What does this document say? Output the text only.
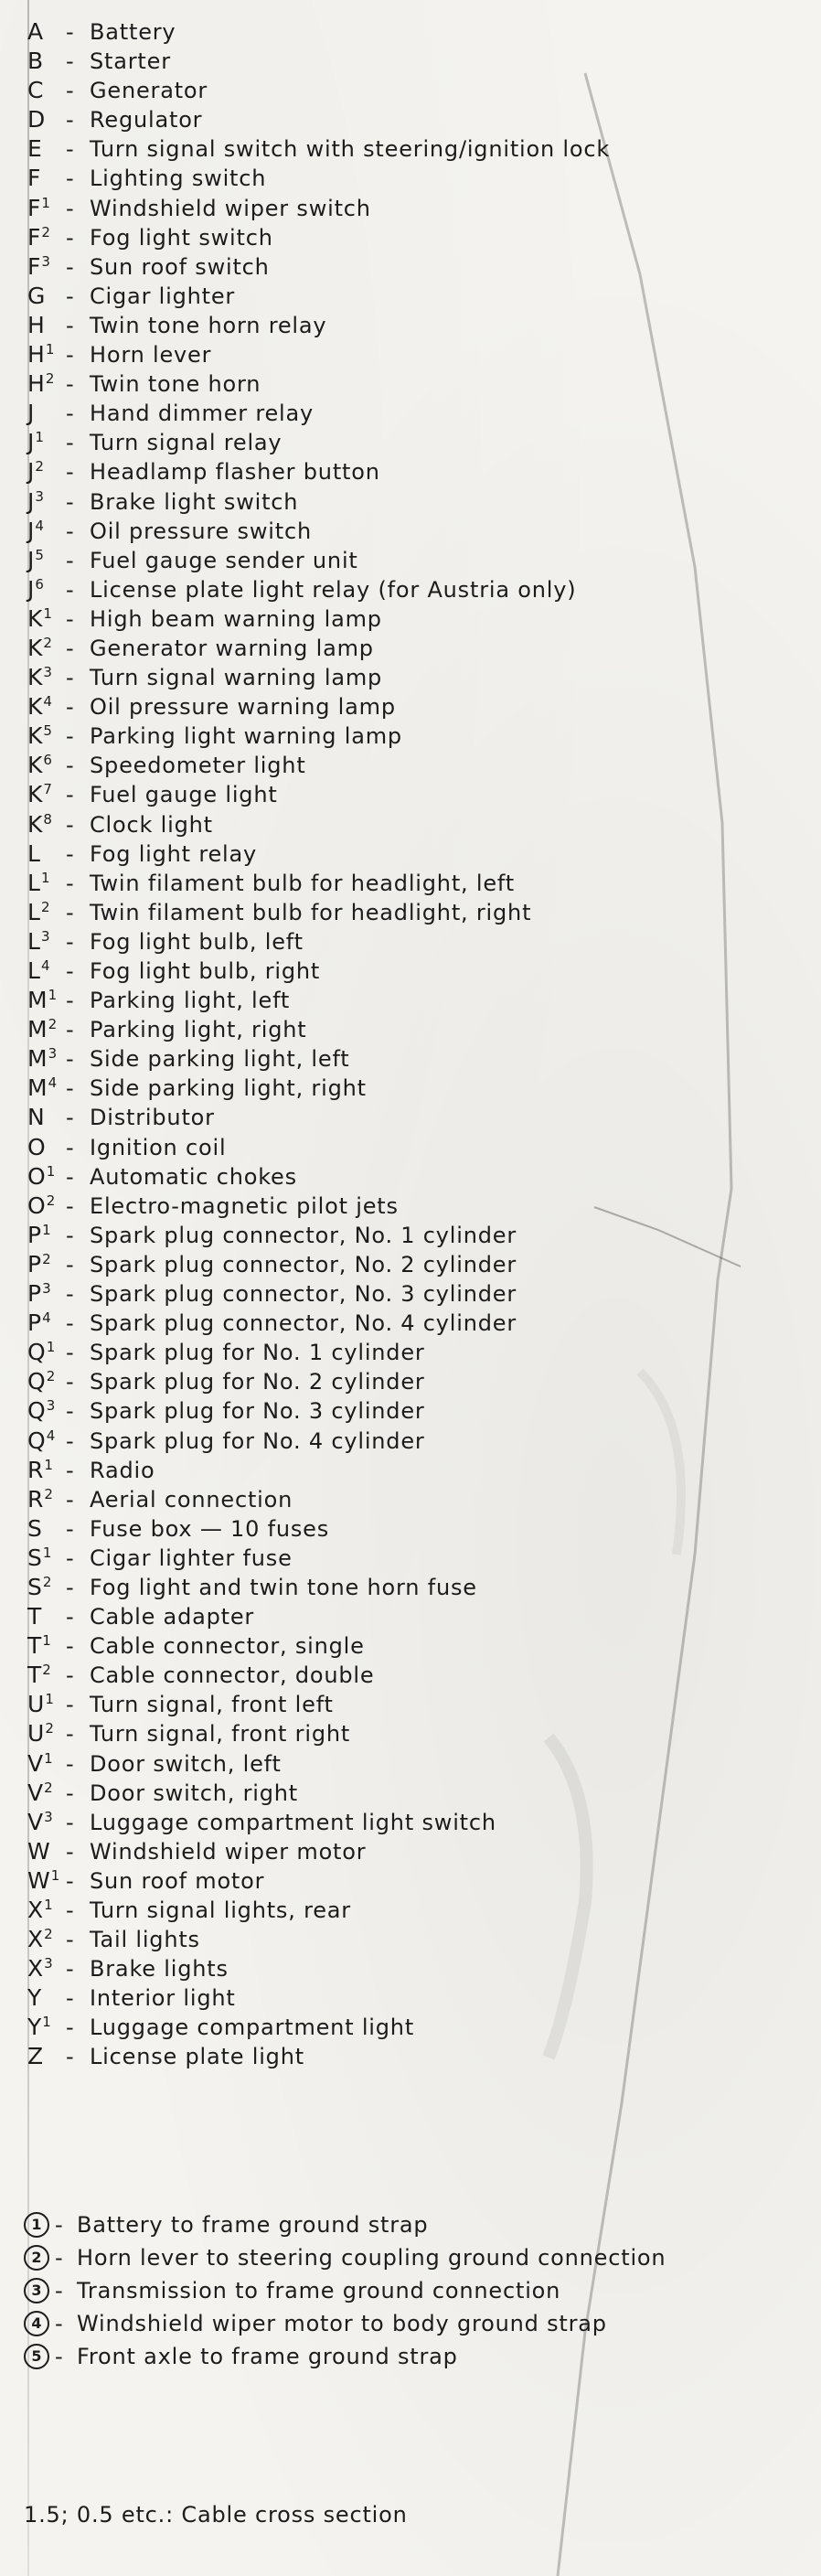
A	- Battery
B	- Starter
C	- Generator
D - Regulator
E	- Turn signal switch with steering/ignition lock
F	- Lighting switch
$F^1$ - Windshield wiper switch
$F^2$ - Fog light switch
$F^3$ - Sun roof switch
G - Cigar lighter
H - Twin tone horn relay
$H^1$ - Horn lever
$H^2$ - Twin tone horn
J	- Hand dimmer relay
$J^1$	- Turn signal relay
$J^2$	- Headlamp flasher button
$J^3$	- Brake light switch
$J^4$	- Oil pressure switch
$J^5$	- Fuel gauge sender unit
$J^6$	- License plate light relay (for Austria only)
$K^1$ - High beam warning lamp
$K^2$ - Generator warning lamp
$K^3$ - Turn signal warning lamp
$K^4$ - Oil pressure warning lamp
$K^5$ - Parking light warning lamp
$K^6$ - Speedometer light
$K^7$ - Fuel gauge light
$K^8$ - Clock light
L	- Fog light relay
$L^1$ - Twin filament bulb for headlight, left
$L^2$ - Twin filament bulb for headlight, right
$L^3$ - Fog light bulb, left
$L^4$ - Fog light bulb, right
$M^1$ - Parking light, left
$M^2$ - Parking light, right
$M^3$ - Side parking light, left
$M^4$ - Side parking light, right
N - Distributor
O - Ignition coil
$O^1$ - Automatic chokes
$O^2$ - Electro-magnetic pilot jets
$P^1$ - Spark plug connector, No. 1 cylinder
$P^2$ - Spark plug connector, No. 2 cylinder
$P^3$ - Spark plug connector, No. 3 cylinder
$P^4$ - Spark plug connector, No. 4 cylinder
$Q^1$ - Spark plug for No. 1 cylinder
$Q^2$ - Spark plug for No. 2 cylinder
$Q^3$ - Spark plug for No. 3 cylinder
$Q^4$ - Spark plug for No. 4 cylinder
$R^1$ - Radio
$R^2$ - Aerial connection
S	- Fuse box — 10 fuses
$S^1$ - Cigar lighter fuse
$S^2$ - Fog light and twin tone horn fuse
T	- Cable adapter
$T^1$ - Cable connector, single
$T^2$ - Cable connector, double
$U^1$ - Turn signal, front left
$U^2$ - Turn signal, front right
$V^1$ - Door switch, left
$V^2$ - Door switch, right
$V^3$ - Luggage compartment light switch
W - Windshield wiper motor
$W^1$ - Sun roof motor
$X^1$ - Turn signal lights, rear
$X^2$ - Tail lights
$X^3$ - Brake lights
Y	- Interior light
$Y^1$ - Luggage compartment light
Z	- License plate light
1 - Battery to frame ground strap
2 - Horn lever to steering coupling ground connection
3 - Transmission to frame ground connection
4 - Windshield wiper motor to body ground strap
5 - Front axle to frame ground strap
1.5; 0.5 etc.: Cable cross section
